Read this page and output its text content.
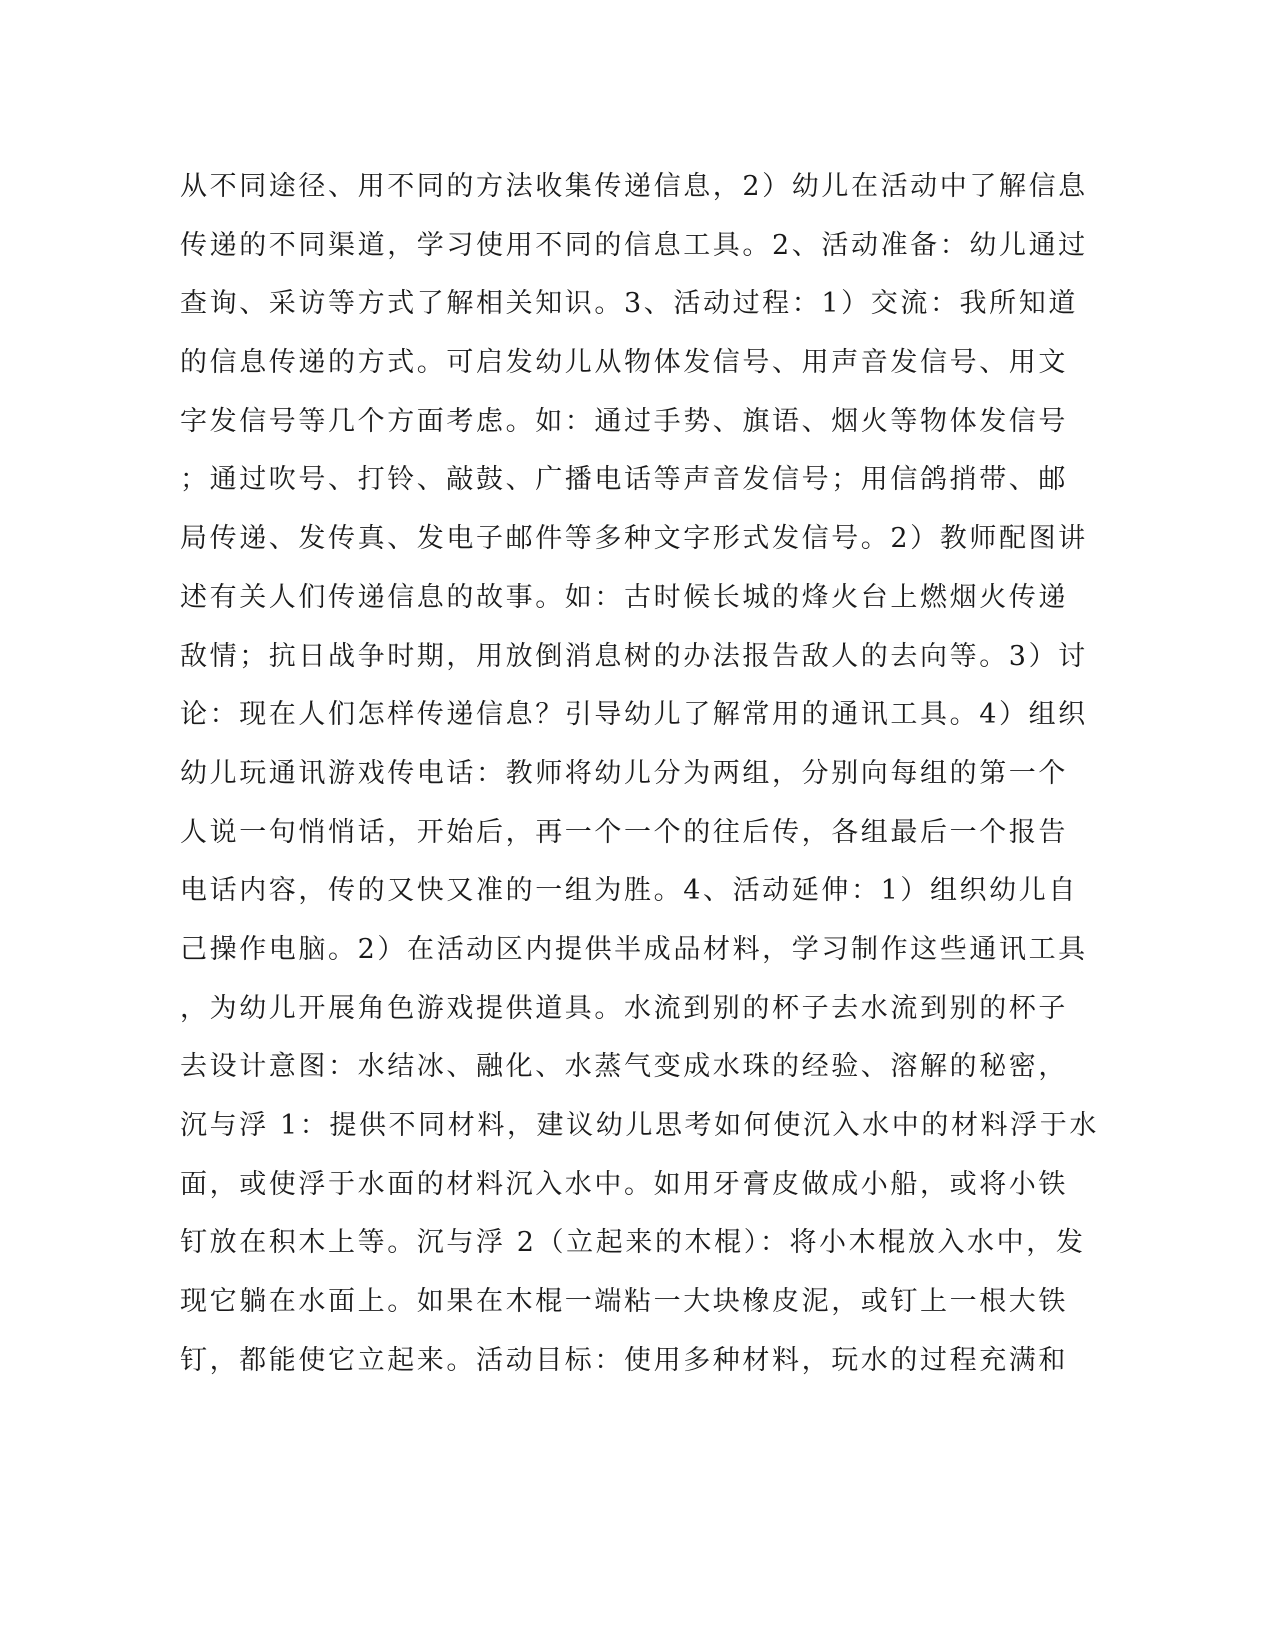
从不同途径、用不同的方法收集传递信息，2）幼儿在活动中了解信息
传递的不同渠道，学习使用不同的信息工具。2、活动准备：幼儿通过
查询、采访等方式了解相关知识。3、活动过程：1）交流：我所知道
的信息传递的方式。可启发幼儿从物体发信号、用声音发信号、用文
字发信号等几个方面考虑。如：通过手势、旗语、烟火等物体发信号
；通过吹号、打铃、敲鼓、广播电话等声音发信号；用信鸽捎带、邮
局传递、发传真、发电子邮件等多种文字形式发信号。2）教师配图讲
述有关人们传递信息的故事。如：古时候长城的烽火台上燃烟火传递
敌情；抗日战争时期，用放倒消息树的办法报告敌人的去向等。3）讨
论：现在人们怎样传递信息？引导幼儿了解常用的通讯工具。4）组织
幼儿玩通讯游戏传电话：教师将幼儿分为两组，分别向每组的第一个
人说一句悄悄话，开始后，再一个一个的往后传，各组最后一个报告
电话内容，传的又快又准的一组为胜。4、活动延伸：1）组织幼儿自
己操作电脑。2）在活动区内提供半成品材料，学习制作这些通讯工具
，为幼儿开展角色游戏提供道具。水流到别的杯子去水流到别的杯子
去设计意图：水结冰、融化、水蒸气变成水珠的经验、溶解的秘密，
沉与浮 1：提供不同材料，建议幼儿思考如何使沉入水中的材料浮于水
面，或使浮于水面的材料沉入水中。如用牙膏皮做成小船，或将小铁
钉放在积木上等。沉与浮 2（立起来的木棍）：将小木棍放入水中，发
现它躺在水面上。如果在木棍一端粘一大块橡皮泥，或钉上一根大铁
钉，都能使它立起来。活动目标：使用多种材料，玩水的过程充满和
